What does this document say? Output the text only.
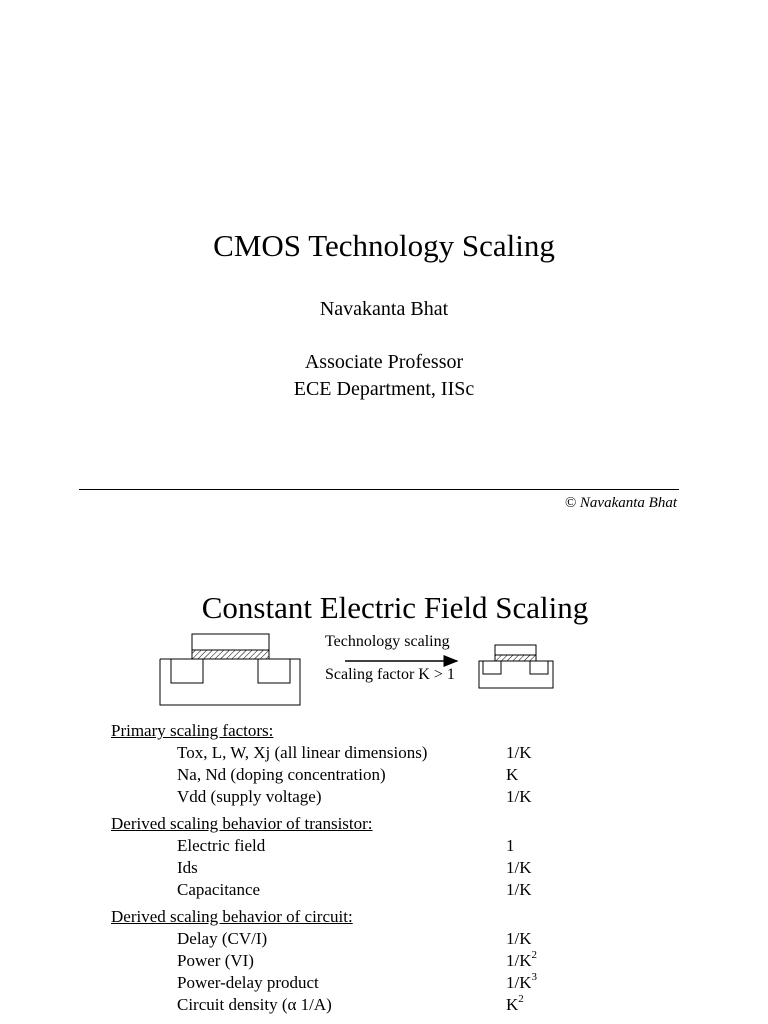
CMOS Technology Scaling
Navakanta Bhat
Associate Professor
ECE Department, IISc
© Navakanta Bhat
Constant Electric Field Scaling
Technology scaling
Scaling factor K > 1
Primary scaling factors:
Tox, L, W, Xj (all linear dimensions)	1/K
Na, Nd (doping concentration)	K
Vdd (supply voltage)	1/K
Derived scaling behavior of transistor:
Electric field	1
Ids	1/K
Capacitance	1/K
Derived scaling behavior of circuit:
Delay (CV/I)	1/K
Power (VI)	$1/K^2$
Power-delay product	$1/K^3$
Circuit density (α 1/A)	$K^2$
